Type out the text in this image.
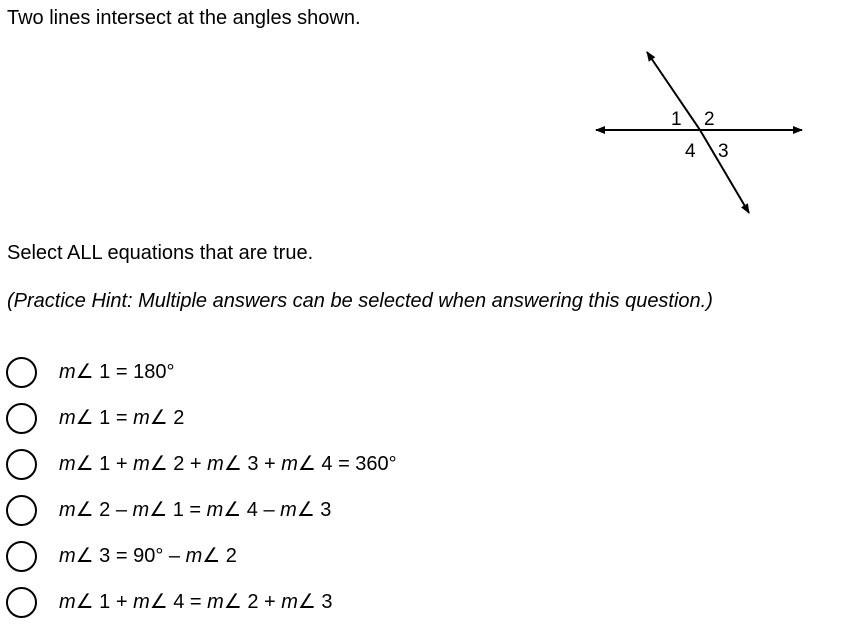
Two lines intersect at the angles shown.
1 2
4 3
Select ALL equations that are true.
(Practice Hint: Multiple answers can be selected when answering this question.)
m∠ 1 = 180°
m∠ 1 = m∠ 2
m∠ 1 + m∠ 2 + m∠ 3 + m∠ 4 = 360°
m∠ 2 – m∠ 1 = m∠ 4 – m∠ 3
m∠ 3 = 90° – m∠ 2
m∠ 1 + m∠ 4 = m∠ 2 + m∠ 3
